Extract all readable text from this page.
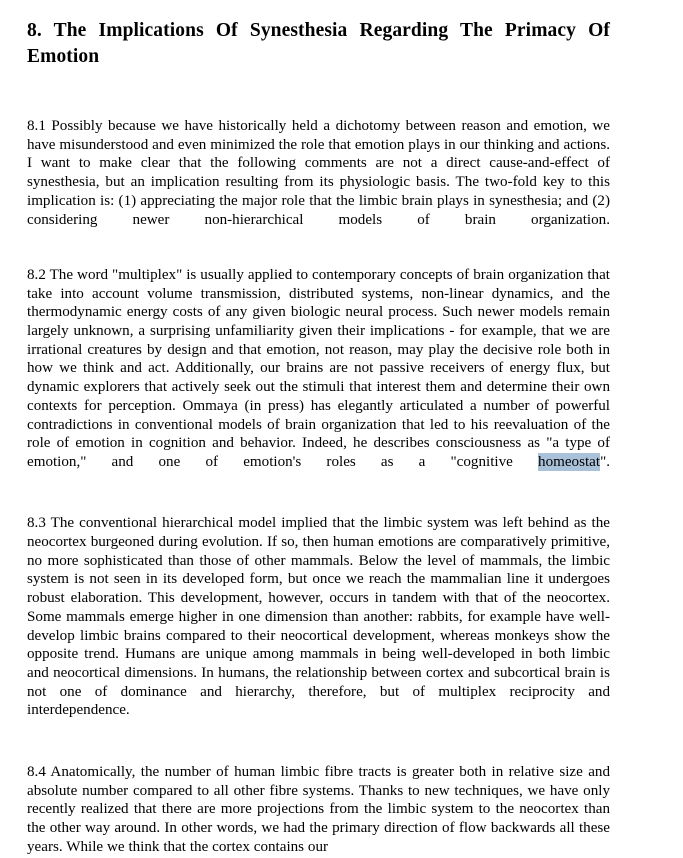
8. The Implications Of Synesthesia Regarding The Primacy Of Emotion

8.1 Possibly because we have historically held a dichotomy between reason and emotion, we have misunderstood and even minimized the role that emotion plays in our thinking and actions. I want to make clear that the following comments are not a direct cause-and-effect of synesthesia, but an implication resulting from its physiologic basis. The two-fold key to this implication is: (1) appreciating the major role that the limbic brain plays in synesthesia; and (2) considering newer non-hierarchical models of brain organization.

8.2 The word "multiplex" is usually applied to contemporary concepts of brain organization that take into account volume transmission, distributed systems, non-linear dynamics, and the thermodynamic energy costs of any given biologic neural process. Such newer models remain largely unknown, a surprising unfamiliarity given their implications - for example, that we are irrational creatures by design and that emotion, not reason, may play the decisive role both in how we think and act. Additionally, our brains are not passive receivers of energy flux, but dynamic explorers that actively seek out the stimuli that interest them and determine their own contexts for perception. Ommaya (in press) has elegantly articulated a number of powerful contradictions in conventional models of brain organization that led to his reevaluation of the role of emotion in cognition and behavior. Indeed, he describes consciousness as "a type of emotion," and one of emotion's roles as a "cognitive homeostat".

8.3 The conventional hierarchical model implied that the limbic system was left behind as the neocortex burgeoned during evolution. If so, then human emotions are comparatively primitive, no more sophisticated than those of other mammals. Below the level of mammals, the limbic system is not seen in its developed form, but once we reach the mammalian line it undergoes robust elaboration. This development, however, occurs in tandem with that of the neocortex. Some mammals emerge higher in one dimension than another: rabbits, for example have well-develop limbic brains compared to their neocortical development, whereas monkeys show the opposite trend. Humans are unique among mammals in being well-developed in both limbic and neocortical dimensions. In humans, the relationship between cortex and subcortical brain is not one of dominance and hierarchy, therefore, but of multiplex reciprocity and interdependence.

8.4 Anatomically, the number of human limbic fibre tracts is greater both in relative size and absolute number compared to all other fibre systems. Thanks to new techniques, we have only recently realized that there are more projections from the limbic system to the neocortex than the other way around. In other words, we had the primary direction of flow backwards all these years. While we think that the cortex contains our
